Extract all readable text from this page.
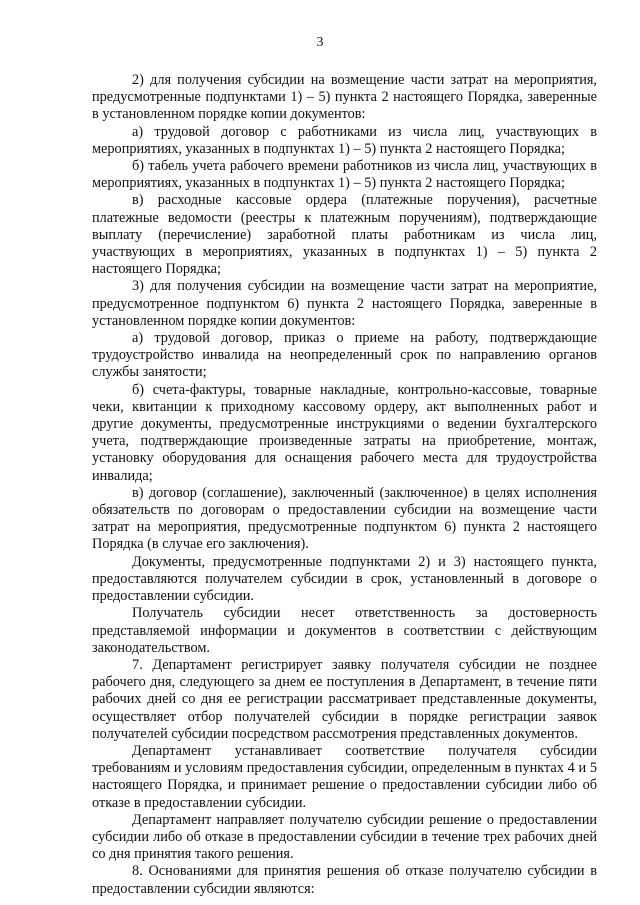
3

2) для получения субсидии на возмещение части затрат на мероприятия, предусмотренные подпунктами 1) – 5) пункта 2 настоящего Порядка, заверенные в установленном порядке копии документов:

а) трудовой договор с работниками из числа лиц, участвующих в мероприятиях, указанных в подпунктах 1) – 5) пункта 2 настоящего Порядка;

б) табель учета рабочего времени работников из числа лиц, участвующих в мероприятиях, указанных в подпунктах 1) – 5) пункта 2 настоящего Порядка;

в) расходные кассовые ордера (платежные поручения), расчетные платежные ведомости (реестры к платежным поручениям), подтверждающие выплату (перечисление) заработной платы работникам из числа лиц, участвующих в мероприятиях, указанных в подпунктах 1) – 5) пункта 2 настоящего Порядка;

3) для получения субсидии на возмещение части затрат на мероприятие, предусмотренное подпунктом 6) пункта 2 настоящего Порядка, заверенные в установленном порядке копии документов:

а) трудовой договор, приказ о приеме на работу, подтверждающие трудоустройство инвалида на неопределенный срок по направлению органов службы занятости;

б) счета-фактуры, товарные накладные, контрольно-кассовые, товарные чеки, квитанции к приходному кассовому ордеру, акт выполненных работ и другие документы, предусмотренные инструкциями о ведении бухгалтерского учета, подтверждающие произведенные затраты на приобретение, монтаж, установку оборудования для оснащения рабочего места для трудоустройства инвалида;

в) договор (соглашение), заключенный (заключенное) в целях исполнения обязательств по договорам о предоставлении субсидии на возмещение части затрат на мероприятия, предусмотренные подпунктом 6) пункта 2 настоящего Порядка (в случае его заключения).

Документы, предусмотренные подпунктами 2) и 3) настоящего пункта, предоставляются получателем субсидии в срок, установленный в договоре о предоставлении субсидии.

Получатель субсидии несет ответственность за достоверность представляемой информации и документов в соответствии с действующим законодательством.

7. Департамент регистрирует заявку получателя субсидии не позднее рабочего дня, следующего за днем ее поступления в Департамент, в течение пяти рабочих дней со дня ее регистрации рассматривает представленные документы, осуществляет отбор получателей субсидии в порядке регистрации заявок получателей субсидии посредством рассмотрения представленных документов.

Департамент устанавливает соответствие получателя субсидии требованиям и условиям предоставления субсидии, определенным в пунктах 4 и 5 настоящего Порядка, и принимает решение о предоставлении субсидии либо об отказе в предоставлении субсидии.

Департамент направляет получателю субсидии решение о предоставлении субсидии либо об отказе в предоставлении субсидии в течение трех рабочих дней со дня принятия такого решения.

8. Основаниями для принятия решения об отказе получателю субсидии в предоставлении субсидии являются:
